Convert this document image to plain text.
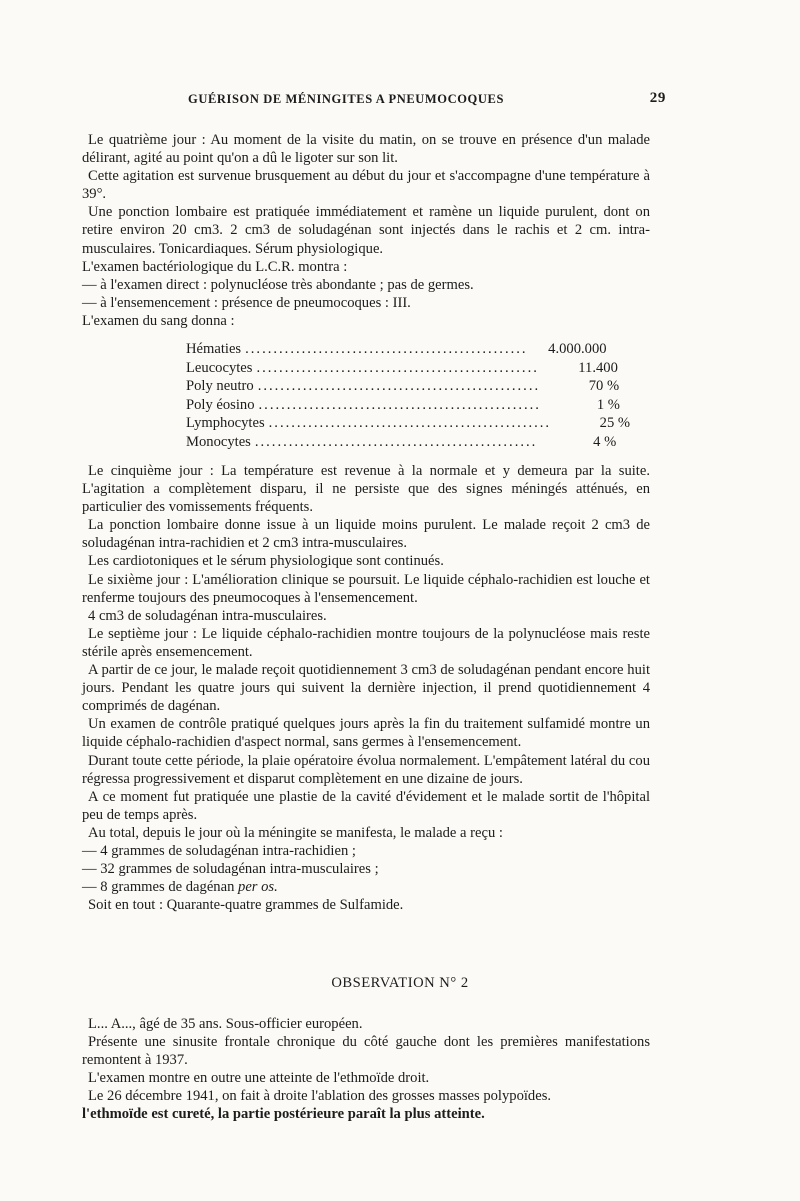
GUÉRISON DE MÉNINGITES A PNEUMOCOQUES	29

Le quatrième jour : Au moment de la visite du matin, on se trouve en présence d'un malade délirant, agité au point qu'on a dû le ligoter sur son lit.

Cette agitation est survenue brusquement au début du jour et s'accompagne d'une température à 39°.

Une ponction lombaire est pratiquée immédiatement et ramène un liquide purulent, dont on retire environ 20 cm3. 2 cm3 de soludagénan sont injectés dans le rachis et 2 cm. intra-musculaires. Tonicardiaques. Sérum physiologique.

L'examen bactériologique du L.C.R. montra :

— à l'examen direct : polynucléose très abondante ; pas de germes.

— à l'ensemencement : présence de pneumocoques : III.

L'examen du sang donna :

Hématies ..................................................	4.000.000
Leucocytes ..................................................	11.400
Poly neutro ..................................................	70 %
Poly éosino ..................................................	1 %
Lymphocytes ..................................................	25 %
Monocytes ..................................................	4 %

Le cinquième jour : La température est revenue à la normale et y demeura par la suite. L'agitation a complètement disparu, il ne persiste que des signes méningés atténués, en particulier des vomissements fréquents.

La ponction lombaire donne issue à un liquide moins purulent. Le malade reçoit 2 cm3 de soludagénan intra-rachidien et 2 cm3 intra-musculaires.

Les cardiotoniques et le sérum physiologique sont continués.

Le sixième jour : L'amélioration clinique se poursuit. Le liquide céphalo-rachidien est louche et renferme toujours des pneumocoques à l'ensemencement.

4 cm3 de soludagénan intra-musculaires.

Le septième jour : Le liquide céphalo-rachidien montre toujours de la polynucléose mais reste stérile après ensemencement.

A partir de ce jour, le malade reçoit quotidiennement 3 cm3 de soludagénan pendant encore huit jours. Pendant les quatre jours qui suivent la dernière injection, il prend quotidiennement 4 comprimés de dagénan.

Un examen de contrôle pratiqué quelques jours après la fin du traitement sulfamidé montre un liquide céphalo-rachidien d'aspect normal, sans germes à l'ensemencement.

Durant toute cette période, la plaie opératoire évolua normalement. L'empâtement latéral du cou régressa progressivement et disparut complètement en une dizaine de jours.

A ce moment fut pratiquée une plastie de la cavité d'évidement et le malade sortit de l'hôpital peu de temps après.

Au total, depuis le jour où la méningite se manifesta, le malade a reçu :

— 4 grammes de soludagénan intra-rachidien ;

— 32 grammes de soludagénan intra-musculaires ;

— 8 grammes de dagénan per os.

Soit en tout : Quarante-quatre grammes de Sulfamide.

OBSERVATION N° 2

L... A..., âgé de 35 ans. Sous-officier européen.

Présente une sinusite frontale chronique du côté gauche dont les premières manifestations remontent à 1937.

L'examen montre en outre une atteinte de l'ethmoïde droit.

Le 26 décembre 1941, on fait à droite l'ablation des grosses masses polypoïdes.

l'ethmoïde est cureté, la partie postérieure paraît la plus atteinte.
